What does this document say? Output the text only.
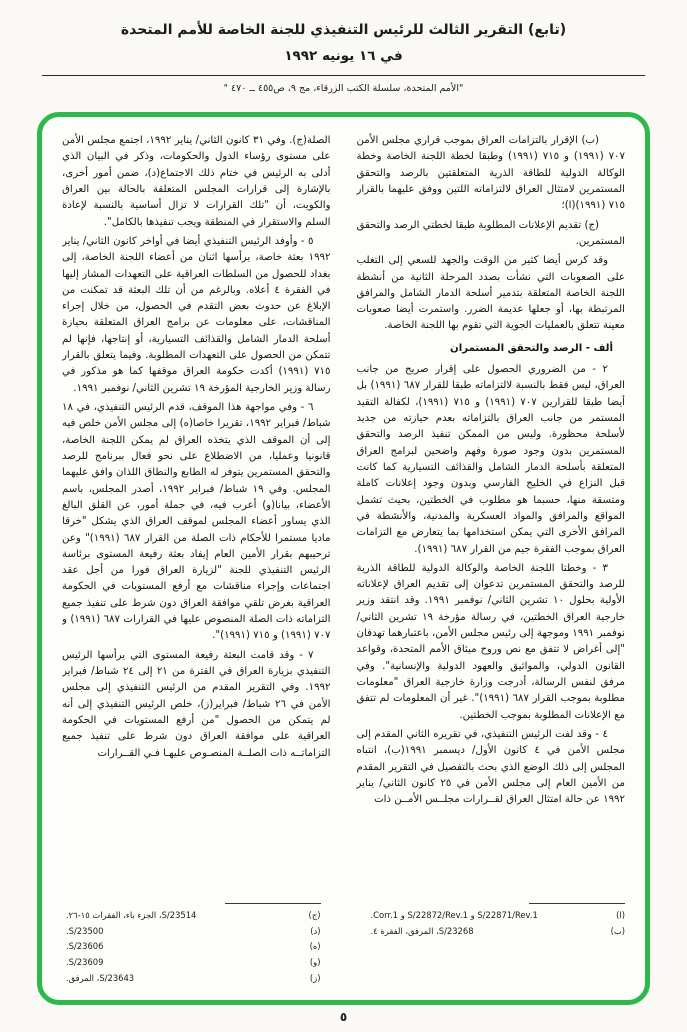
(تابع) التقرير الثالث للرئيس التنفيذي للجنة الخاصة للأمم المتحدة
في ١٦ يونيه ١٩٩٢
"الأمم المتحدة، سلسلة الكتب الزرقاء، مج ٩، ص٤٥٥ ــ ٤٧٠ "

(ب) الإقرار بالتزامات العراق بموجب قراري مجلس الأمن ٧٠٧ (١٩٩١) و ٧١٥ (١٩٩١) وطبقا لخطة اللجنة الخاصة وخطة الوكالة الدولية للطاقة الذرية المتعلقتين بالرصد والتحقق المستمرين لامتثال العراق لالتزاماته اللتين ووفق عليهما بالقرار ٧١٥ (١٩٩١)(ا)؛

(ج) تقديم الإعلانات المطلوبة طبقا لخطتي الرصد والتحقق المستمرين.

وقد كرس أيضا كثير من الوقت والجهد للسعي إلى التغلب على الصعوبات التي نشأت بصدد المرحلة الثانية من أنشطة اللجنة الخاصة المتعلقة بتدمير أسلحة الدمار الشامل والمرافق المرتبطة بها، أو جعلها عديمة الضرر. واستمرت أيضا صعوبات معينة تتعلق بالعمليات الجوية التي تقوم بها اللجنة الخاصة.

ألف - الرصد والتحقق المستمران

٢ - من الضروري الحصول على إقرار صريح من جانب العراق، ليس فقط بالنسبة لالتزاماته طبقا للقرار ٦٨٧ (١٩٩١) بل أيضا طبقا للقرارين ٧٠٧ (١٩٩١) و ٧١٥ (١٩٩١)، لكفالة التقيد المستمر من جانب العراق بالتزاماته بعدم حيازته من جديد لأسلحة محظورة. وليس من الممكن تنفيذ الرصد والتحقق المستمرين بدون وجود صورة وفهم واضحين لبرامج العراق المتعلقة بأسلحة الدمار الشامل والقذائف التسيارية كما كانت قبل النزاع في الخليج الفارسي وبدون وجود إعلانات كاملة ومتسقة منها، حسبما هو مطلوب في الخطتين، بحيث تشمل المواقع والمرافق والمواد العسكرية والمدنية، والأنشطة في المرافق الأخرى التي يمكن استخدامها بما يتعارض مع التزامات العراق بموجب الفقرة جيم من القرار ٦٨٧ (١٩٩١).

٣ - وخطتا اللجنة الخاصة والوكالة الدولية للطاقة الذرية للرصد والتحقق المستمرين تدعوان إلى تقديم العراق لإعلاناته الأولية بحلول ١٠ تشرين الثاني/ نوفمبر ١٩٩١. وقد انتقد وزير خارجية العراق الخطتين، في رسالة مؤرخة ١٩ تشرين الثاني/ نوفمبر ١٩٩١ وموجهة إلى رئيس مجلس الأمن، باعتبارهما تهدفان "إلى أغراض لا تتفق مع نص وروح ميثاق الأمم المتحدة، وقواعد القانون الدولي، والمواثيق والعهود الدولية والإنسانية". وفي مرفق لنفس الرسالة، أدرجت وزارة خارجية العراق "معلومات مطلوبة بموجب القرار ٦٨٧ (١٩٩١)". غير أن المعلومات لم تتفق مع الإعلانات المطلوبة بموجب الخطتين.

٤ - وقد لفت الرئيس التنفيذي، في تقريره الثاني المقدم إلى مجلس الأمن في ٤ كانون الأول/ ديسمبر ١٩٩١(ب)، انتباه المجلس إلى ذلك الوضع الذي بحث بالتفصيل في التقرير المقدم من الأمين العام إلى مجلس الأمن في ٢٥ كانون الثاني/ يناير ١٩٩٢ عن حالة امتثال العراق لقــرارات مجلــس الأمــن ذات

الصلة(ج). وفي ٣١ كانون الثاني/ يناير ١٩٩٢، اجتمع مجلس الأمن على مستوى رؤساء الدول والحكومات، وذكر في البيان الذي أدلى به الرئيس في ختام ذلك الاجتماع(د)، ضمن أمور أخرى، بالإشارة إلى قرارات المجلس المتعلقة بالحالة بين العراق والكويت، أن "تلك القرارات لا تزال أساسية بالنسبة لإعادة السلم والاستقرار في المنطقة ويجب تنفيذها بالكامل".

٥ - وأوفد الرئيس التنفيذي أيضا في أواخر كانون الثاني/ يناير ١٩٩٢ بعثة خاصة، يرأسها اثنان من أعضاء اللجنة الخاصة، إلى بغداد للحصول من السلطات العراقية على التعهدات المشار إليها في الفقرة ٤ أعلاه. وبالرغم من أن تلك البعثة قد تمكنت من الإبلاغ عن حدوث بعض التقدم في الحصول، من خلال إجراء المناقشات، على معلومات عن برامج العراق المتعلقة بحيازة أسلحة الدمار الشامل والقذائف التسيارية، أو إنتاجها، فإنها لم تتمكن من الحصول على التعهدات المطلوبة. وفيما يتعلق بالقرار ٧١٥ (١٩٩١) أكدت حكومة العراق موقفها كما هو مذكور في رسالة وزير الخارجية المؤرخة ١٩ تشرين الثاني/ نوفمبر ١٩٩١.

٦ - وفي مواجهة هذا الموقف، قدم الرئيس التنفيذي، في ١٨ شباط/ فبراير ١٩٩٢، تقريرا خاصا(ه) إلى مجلس الأمن خلص فيه إلى أن الموقف الذي يتخذه العراق لم يمكن اللجنة الخاصة، قانونيا وعمليا، من الاضطلاع على نحو فعال ببرنامج للرصد والتحقق المستمرين يتوفر له الطابع والنطاق اللذان وافق عليهما المجلس. وفي ١٩ شباط/ فبراير ١٩٩٢، أصدر المجلس، باسم الأعضاء، بيانا(و) أعرب فيه، في جملة أمور، عن القلق البالغ الذي يساور أعضاء المجلس لموقف العراق الذي يشكل "خرقا ماديا مستمرا للأحكام ذات الصلة من القرار ٦٨٧ (١٩٩١)" وعن ترحيبهم بقرار الأمين العام إيفاد بعثة رفيعة المستوى برئاسة الرئيس التنفيذي للجنة "لزيارة العراق فورا من أجل عقد اجتماعات وإجراء مناقشات مع أرفع المستويات في الحكومة العراقية بغرض تلقي موافقة العراق دون شرط على تنفيذ جميع التزاماته ذات الصلة المنصوص عليها في القرارات ٦٨٧ (١٩٩١) و ٧٠٧ (١٩٩١) و ٧١٥ (١٩٩١)".

٧ - وقد قامت البعثة رفيعة المستوى التي يرأسها الرئيس التنفيذي بزيارة العراق في الفترة من ٢١ إلى ٢٤ شباط/ فبراير ١٩٩٢. وفي التقرير المقدم من الرئيس التنفيذي إلى مجلس الأمن في ٢٦ شباط/ فبراير(ز)، خلص الرئيس التنفيذي إلى أنه لم يتمكن من الحصول "من أرفع المستويات في الحكومة العراقية على موافقة العراق دون شرط على تنفيذ جميع التزاماتــه ذات الصلــة المنصـوص عليهـا فـي القــرارات

(ا)
S/22871/Rev.1 و S/22872/Rev.1 و Corr.1.
(ب)
S/23268، المرفق، الفقرة ٤.
(ج)
S/23514، الجزء باء، الفقرات ١٥-٢٦.
(د)
S/23500.
(ه)
S/23606.
(و)
S/23609.
(ز)
S/23643، المرفق.
٥
